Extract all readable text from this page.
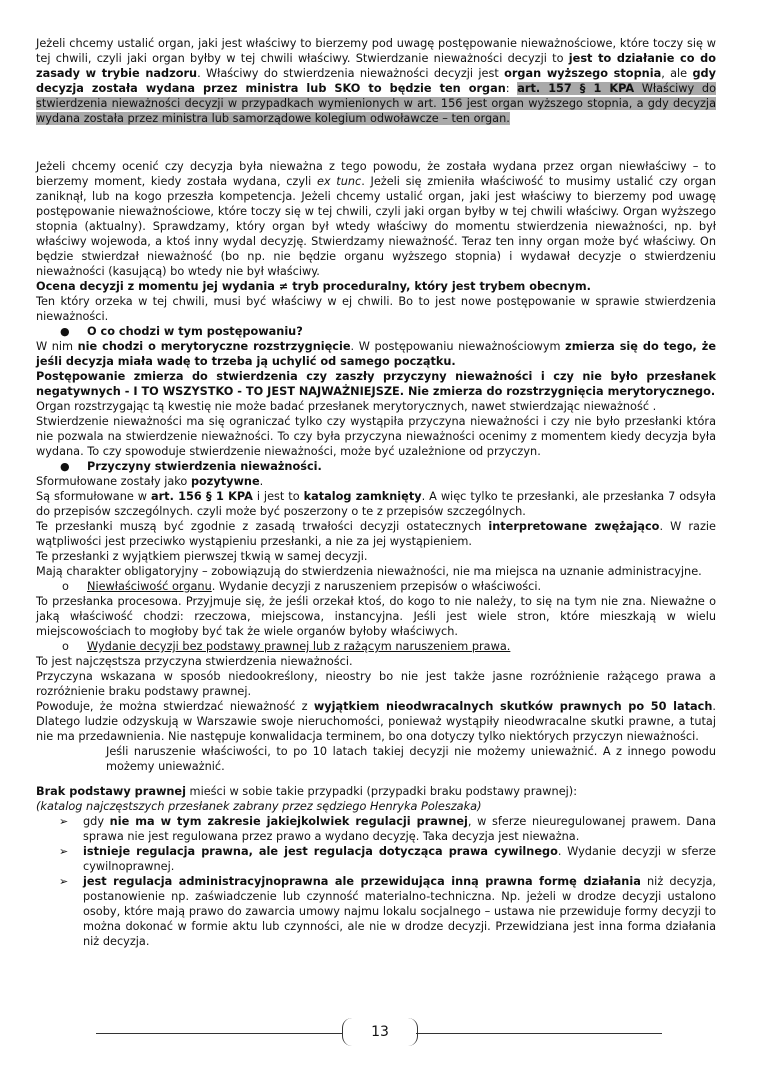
Jeżeli chcemy ustalić organ, jaki jest właściwy to bierzemy pod uwagę postępowanie nieważnościowe, które toczy się w tej chwili, czyli jaki organ byłby w tej chwili właściwy. Stwierdzanie nieważności decyzji to jest to działanie co do zasady w trybie nadzoru. Właściwy do stwierdzenia nieważności decyzji jest organ wyższego stopnia, ale gdy decyzja została wydana przez ministra lub SKO to będzie ten organ: art. 157 § 1 KPA Właściwy do stwierdzenia nieważności decyzji w przypadkach wymienionych w art. 156 jest organ wyższego stopnia, a gdy decyzja wydana została przez ministra lub samorządowe kolegium odwoławcze – ten organ.

Jeżeli chcemy ocenić czy decyzja była nieważna z tego powodu, że została wydana przez organ niewłaściwy – to bierzemy moment, kiedy została wydana, czyli ex tunc. Jeżeli się zmieniła właściwość to musimy ustalić czy organ zaniknął, lub na kogo przeszła kompetencja. Jeżeli chcemy ustalić organ, jaki jest właściwy to bierzemy pod uwagę postępowanie nieważnościowe, które toczy się w tej chwili, czyli jaki organ byłby w tej chwili właściwy. Organ wyższego stopnia (aktualny). Sprawdzamy, który organ był wtedy właściwy do momentu stwierdzenia nieważności, np. był właściwy wojewoda, a ktoś inny wydal decyzję. Stwierdzamy nieważność. Teraz ten inny organ może być właściwy. On będzie stwierdzał nieważność (bo np. nie będzie organu wyższego stopnia) i wydawał decyzje o stwierdzeniu nieważności (kasującą) bo wtedy nie był właściwy.

Ocena decyzji z momentu jej wydania ≠ tryb proceduralny, który jest trybem obecnym.

Ten który orzeka w tej chwili, musi być właściwy w ej chwili. Bo to jest nowe postępowanie w sprawie stwierdzenia nieważności.

● O co chodzi w tym postępowaniu?

W nim nie chodzi o merytoryczne rozstrzygnięcie. W postępowaniu nieważnościowym zmierza się do tego, że jeśli decyzja miała wadę to trzeba ją uchylić od samego początku.

Postępowanie zmierza do stwierdzenia czy zaszły przyczyny nieważności i czy nie było przesłanek negatywnych - I TO WSZYSTKO - TO JEST NAJWAŻNIEJSZE. Nie zmierza do rozstrzygnięcia merytorycznego.

Organ rozstrzygając tą kwestię nie może badać przesłanek merytorycznych, nawet stwierdzając nieważność .

Stwierdzenie nieważności ma się ograniczać tylko czy wystąpiła przyczyna nieważności i czy nie było przesłanki która nie pozwala na stwierdzenie nieważności. To czy była przyczyna nieważności ocenimy z momentem kiedy decyzja była wydana. To czy spowoduje stwierdzenie nieważności, może być uzależnione od przyczyn.

● Przyczyny stwierdzenia nieważności.

Sformułowane zostały jako pozytywne.

Są sformułowane w art. 156 § 1 KPA i jest to katalog zamknięty. A więc tylko te przesłanki, ale przesłanka 7 odsyła do przepisów szczególnych. czyli może być poszerzony o te z przepisów szczególnych.

Te przesłanki muszą być zgodnie z zasadą trwałości decyzji ostatecznych interpretowane zwężająco. W razie wątpliwości jest przeciwko wystąpieniu przesłanki, a nie za jej wystąpieniem.

Te przesłanki z wyjątkiem pierwszej tkwią w samej decyzji.

Mają charakter obligatoryjny – zobowiązują do stwierdzenia nieważności, nie ma miejsca na uznanie administracyjne.

o Niewłaściwość organu. Wydanie decyzji z naruszeniem przepisów o właściwości.

To przesłanka procesowa. Przyjmuje się, że jeśli orzekał ktoś, do kogo to nie należy, to się na tym nie zna. Nieważne o jaką właściwość chodzi: rzeczowa, miejscowa, instancyjna. Jeśli jest wiele stron, które mieszkają w wielu miejscowościach to mogłoby być tak że wiele organów byłoby właściwych.

o Wydanie decyzji bez podstawy prawnej lub z rażącym naruszeniem prawa.

To jest najczęstsza przyczyna stwierdzenia nieważności.

Przyczyna wskazana w sposób niedookreślony, nieostry bo nie jest także jasne rozróżnienie rażącego prawa a rozróżnienie braku podstawy prawnej.

Powoduje, że można stwierdzać nieważność z wyjątkiem nieodwracalnych skutków prawnych po 50 latach. Dlatego ludzie odzyskują w Warszawie swoje nieruchomości, ponieważ wystąpiły nieodwracalne skutki prawne, a tutaj nie ma przedawnienia. Nie następuje konwalidacja terminem, bo ona dotyczy tylko niektórych przyczyn nieważności.

Jeśli naruszenie właściwości, to po 10 latach takiej decyzji nie możemy unieważnić. A z innego powodu możemy unieważnić.

Brak podstawy prawnej mieści w sobie takie przypadki (przypadki braku podstawy prawnej):

(katalog najczęstszych przesłanek zabrany przez sędziego Henryka Poleszaka)

➢ gdy nie ma w tym zakresie jakiejkolwiek regulacji prawnej, w sferze nieuregulowanej prawem. Dana sprawa nie jest regulowana przez prawo a wydano decyzję. Taka decyzja jest nieważna.

➢ istnieje regulacja prawna, ale jest regulacja dotycząca prawa cywilnego. Wydanie decyzji w sferze cywilnoprawnej.

➢ jest regulacja administracyjnoprawna ale przewidująca inną prawna formę działania niż decyzja, postanowienie np. zaświadczenie lub czynność materialno-techniczna. Np. jeżeli w drodze decyzji ustalono osoby, które mają prawo do zawarcia umowy najmu lokalu socjalnego – ustawa nie przewiduje formy decyzji to można dokonać w formie aktu lub czynności, ale nie w drodze decyzji. Przewidziana jest inna forma działania niż decyzja.

13
